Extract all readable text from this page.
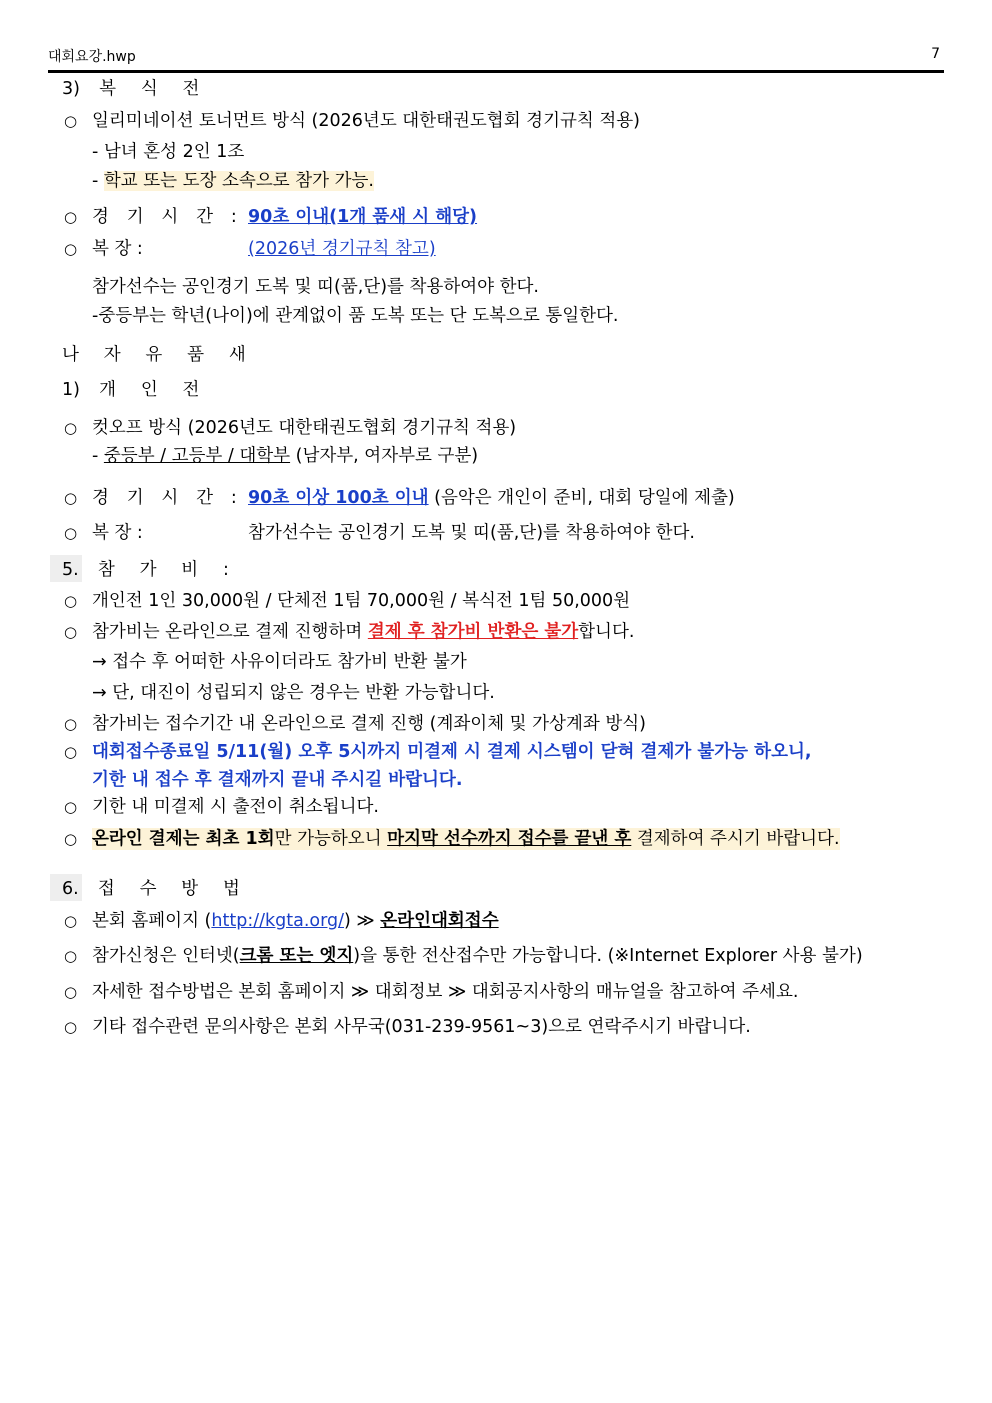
대회요강.hwp	7
3) 복 식 전
○ 일리미네이션 토너먼트 방식 (2026년도 대한태권도협회 경기규칙 적용)
- 남녀 혼성 2인 1조
- 학교 또는 도장 소속으로 참가 가능.
○ 경 기 시 간 : 90초 이내(1개 품새 시 해당)
○ 복 장 :	(2026년 경기규칙 참고)
참가선수는 공인경기 도복 및 띠(품,단)를 착용하여야 한다.
-중등부는 학년(나이)에 관계없이 품 도복 또는 단 도복으로 통일한다.
나 자 유 품 새
1) 개 인 전
○ 컷오프 방식 (2026년도 대한태권도협회 경기규칙 적용)
- 중등부 / 고등부 / 대학부 (남자부, 여자부로 구분)
○ 경 기 시 간 : 90초 이상 100초 이내 (음악은 개인이 준비, 대회 당일에 제출)
○ 복 장 :	참가선수는 공인경기 도복 및 띠(품,단)를 착용하여야 한다.
5. 참 가 비 :
○ 개인전 1인 30,000원 / 단체전 1팀 70,000원 / 복식전 1팀 50,000원
○ 참가비는 온라인으로 결제 진행하며 결제 후 참가비 반환은 불가합니다.
→ 접수 후 어떠한 사유이더라도 참가비 반환 불가
→ 단, 대진이 성립되지 않은 경우는 반환 가능합니다.
○ 참가비는 접수기간 내 온라인으로 결제 진행 (계좌이체 및 가상계좌 방식)
○ 대회접수종료일 5/11(월) 오후 5시까지 미결제 시 결제 시스템이 닫혀 결제가 불가능 하오니,
기한 내 접수 후 결재까지 끝내 주시길 바랍니다.
○ 기한 내 미결제 시 출전이 취소됩니다.
○ 온라인 결제는 최초 1회만 가능하오니 마지막 선수까지 접수를 끝낸 후 결제하여 주시기 바랍니다.
6. 접 수 방 법
○ 본회 홈페이지 (http://kgta.org/) ≫ 온라인대회접수
○ 참가신청은 인터넷(크롬 또는 엣지)을 통한 전산접수만 가능합니다. (※Internet Explorer 사용 불가)
○ 자세한 접수방법은 본회 홈페이지 ≫ 대회정보 ≫ 대회공지사항의 매뉴얼을 참고하여 주세요.
○ 기타 접수관련 문의사항은 본회 사무국(031-239-9561~3)으로 연락주시기 바랍니다.
